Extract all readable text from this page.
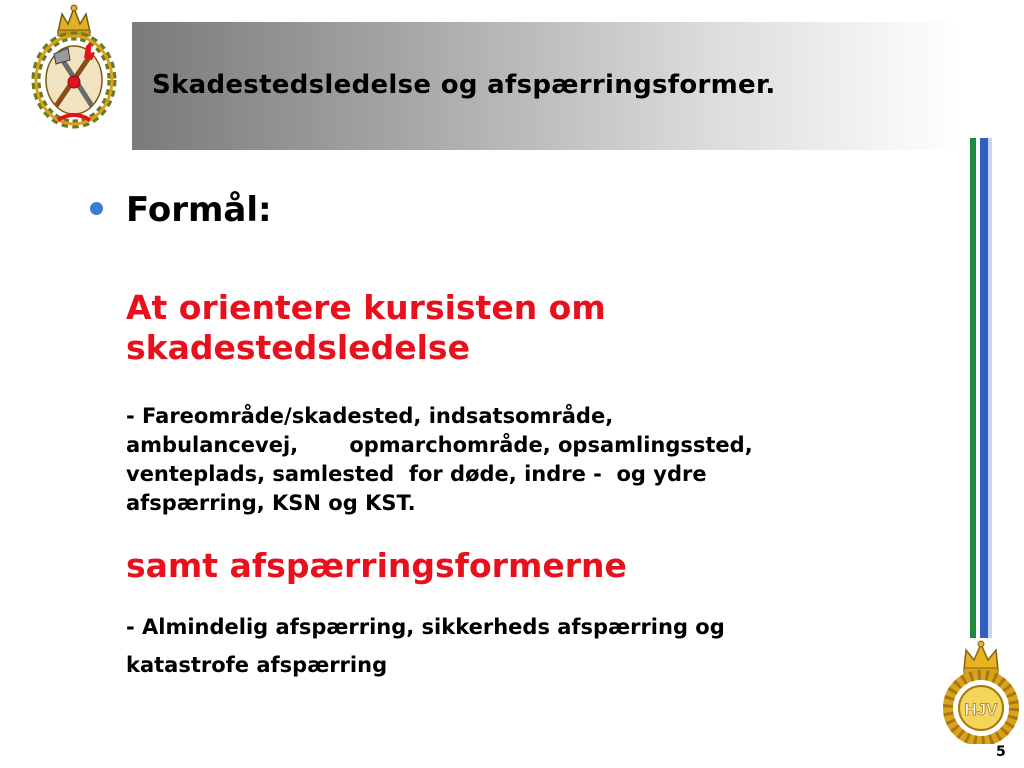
Skadestedsledelse og afspærringsformer.
Formål:
At orientere kursisten om
skadestedsledelse
- Fareområde/skadested, indsatsområde,
ambulancevej,       opmarchområde, opsamlingssted,
venteplads, samlested  for døde, indre -  og ydre
afspærring, KSN og KST.
samt afspærringsformerne
- Almindelig afspærring, sikkerheds afspærring og
katastrofe afspærring
HJV
5
